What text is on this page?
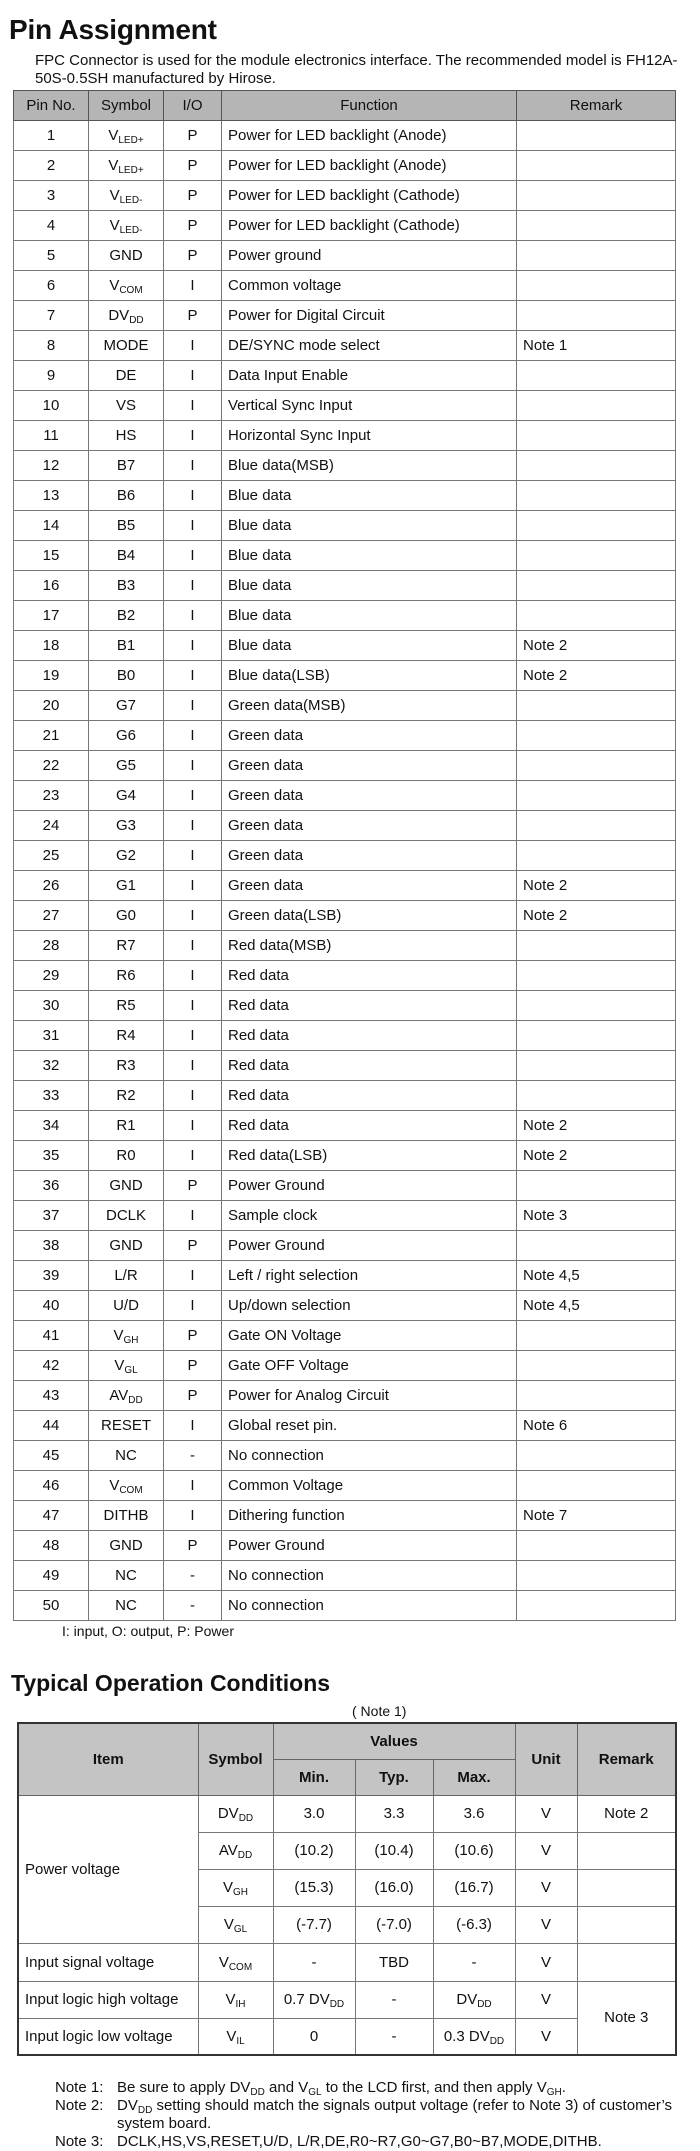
Pin Assignment
FPC Connector is used for the module electronics interface. The recommended model is FH12A-50S-0.5SH manufactured by Hirose.
Pin No.	Symbol	I/O	Function	Remark
1	$V_{LED+}$	P	Power for LED backlight (Anode)	
2	$V_{LED+}$	P	Power for LED backlight (Anode)	
3	$V_{LED-}$	P	Power for LED backlight (Cathode)	
4	$V_{LED-}$	P	Power for LED backlight (Cathode)	
5	GND	P	Power ground	
6	$V_{COM}$	I	Common voltage	
7	$DV_{DD}$	P	Power for Digital Circuit	
8	MODE	I	DE/SYNC mode select	Note 1
9	DE	I	Data Input Enable	
10	VS	I	Vertical Sync Input	
11	HS	I	Horizontal Sync Input	
12	B7	I	Blue data(MSB)	
13	B6	I	Blue data	
14	B5	I	Blue data	
15	B4	I	Blue data	
16	B3	I	Blue data	
17	B2	I	Blue data	
18	B1	I	Blue data	Note 2
19	B0	I	Blue data(LSB)	Note 2
20	G7	I	Green data(MSB)	
21	G6	I	Green data	
22	G5	I	Green data	
23	G4	I	Green data	
24	G3	I	Green data	
25	G2	I	Green data	
26	G1	I	Green data	Note 2
27	G0	I	Green data(LSB)	Note 2
28	R7	I	Red data(MSB)	
29	R6	I	Red data	
30	R5	I	Red data	
31	R4	I	Red data	
32	R3	I	Red data	
33	R2	I	Red data	
34	R1	I	Red data	Note 2
35	R0	I	Red data(LSB)	Note 2
36	GND	P	Power Ground	
37	DCLK	I	Sample clock	Note 3
38	GND	P	Power Ground	
39	L/R	I	Left / right selection	Note 4,5
40	U/D	I	Up/down selection	Note 4,5
41	$V_{GH}$	P	Gate ON Voltage	
42	$V_{GL}$	P	Gate OFF Voltage	
43	$AV_{DD}$	P	Power for Analog Circuit	
44	RESET	I	Global reset pin.	Note 6
45	NC	-	No connection	
46	$V_{COM}$	I	Common Voltage	
47	DITHB	I	Dithering function	Note 7
48	GND	P	Power Ground	
49	NC	-	No connection	
50	NC	-	No connection	
I: input, O: output, P: Power
Typical Operation Conditions
( Note 1)
Item	Symbol	Values			Unit	Remark
		Min.	Typ.	Max.		
Power voltage	$DV_{DD}$	3.0	3.3	3.6	V	Note 2
	$AV_{DD}$	(10.2)	(10.4)	(10.6)	V	
	$V_{GH}$	(15.3)	(16.0)	(16.7)	V	
	$V_{GL}$	(-7.7)	(-7.0)	(-6.3)	V	
Input signal voltage	$V_{COM}$	-	TBD	-	V	
Input logic high voltage	$V_{IH}$	0.7 $DV_{DD}$	-	$DV_{DD}$	V	Note 3
Input logic low voltage	$V_{IL}$	0	-	0.3 $DV_{DD}$	V	
Note 1: Be sure to apply $DV_{DD}$ and $V_{GL}$ to the LCD first, and then apply $V_{GH}$.
Note 2: $DV_{DD}$ setting should match the signals output voltage (refer to Note 3) of customer’s system board.
Note 3: DCLK,HS,VS,RESET,U/D, L/R,DE,R0~R7,G0~G7,B0~B7,MODE,DITHB.
